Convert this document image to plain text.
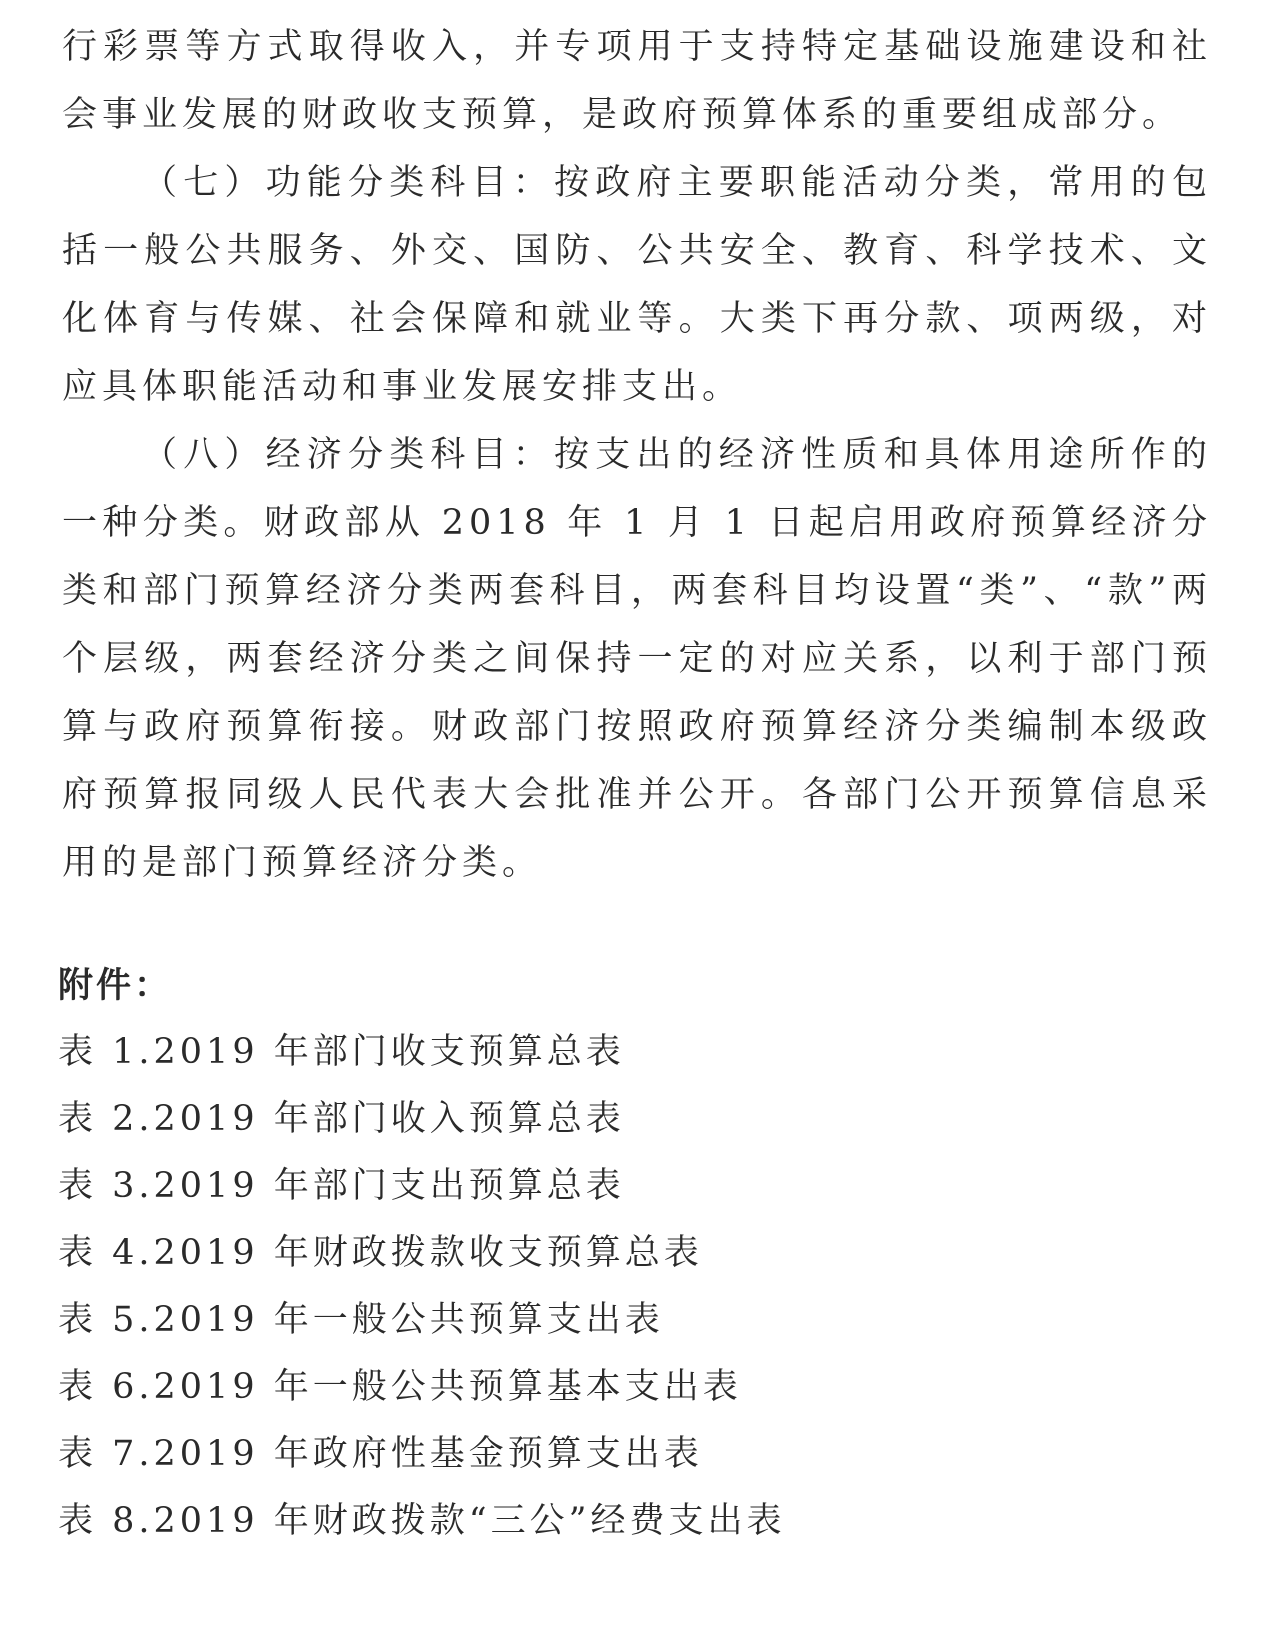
行彩票等方式取得收入，并专项用于支持特定基础设施建设和社会事业发展的财政收支预算，是政府预算体系的重要组成部分。

（七）功能分类科目：按政府主要职能活动分类，常用的包括一般公共服务、外交、国防、公共安全、教育、科学技术、文化体育与传媒、社会保障和就业等。大类下再分款、项两级，对应具体职能活动和事业发展安排支出。

（八）经济分类科目：按支出的经济性质和具体用途所作的一种分类。财政部从 2018 年 1 月 1 日起启用政府预算经济分类和部门预算经济分类两套科目，两套科目均设置“类”、“款”两个层级，两套经济分类之间保持一定的对应关系，以利于部门预算与政府预算衔接。财政部门按照政府预算经济分类编制本级政府预算报同级人民代表大会批准并公开。各部门公开预算信息采用的是部门预算经济分类。

附件：

表 1.2019 年部门收支预算总表
表 2.2019 年部门收入预算总表
表 3.2019 年部门支出预算总表
表 4.2019 年财政拨款收支预算总表
表 5.2019 年一般公共预算支出表
表 6.2019 年一般公共预算基本支出表
表 7.2019 年政府性基金预算支出表
表 8.2019 年财政拨款“三公”经费支出表
